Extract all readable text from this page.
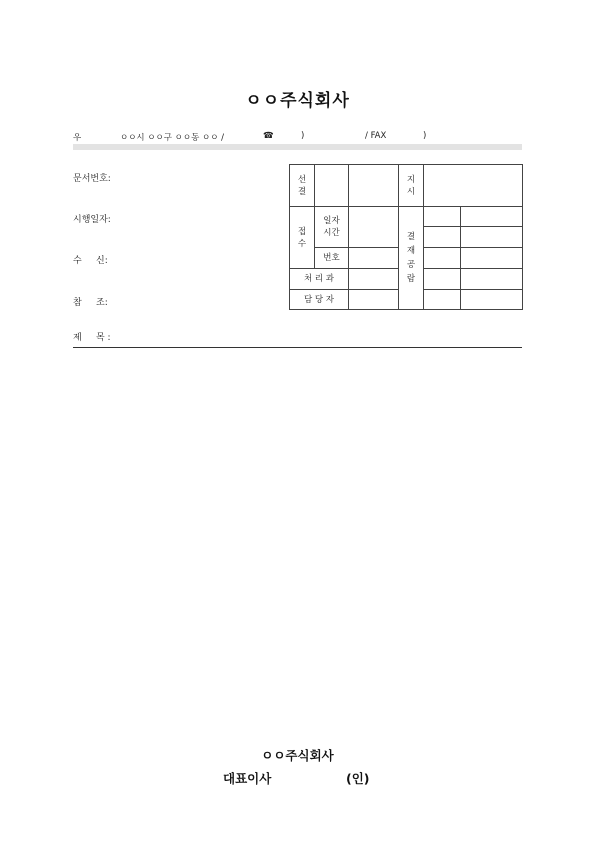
ㅇㅇ주식회사
우	ㅇㅇ시 ㅇㅇ구 ㅇㅇ동 ㅇㅇ /	☎	)	/ FAX	)
문서번호:
시행일자:
수     신:
참     조:
제     목 :
선결			지시		
접수	일자 시간		결재공람		

	번호				
처 리 과					
담 당 자					
ㅇㅇ주식회사
대표이사	(인)
